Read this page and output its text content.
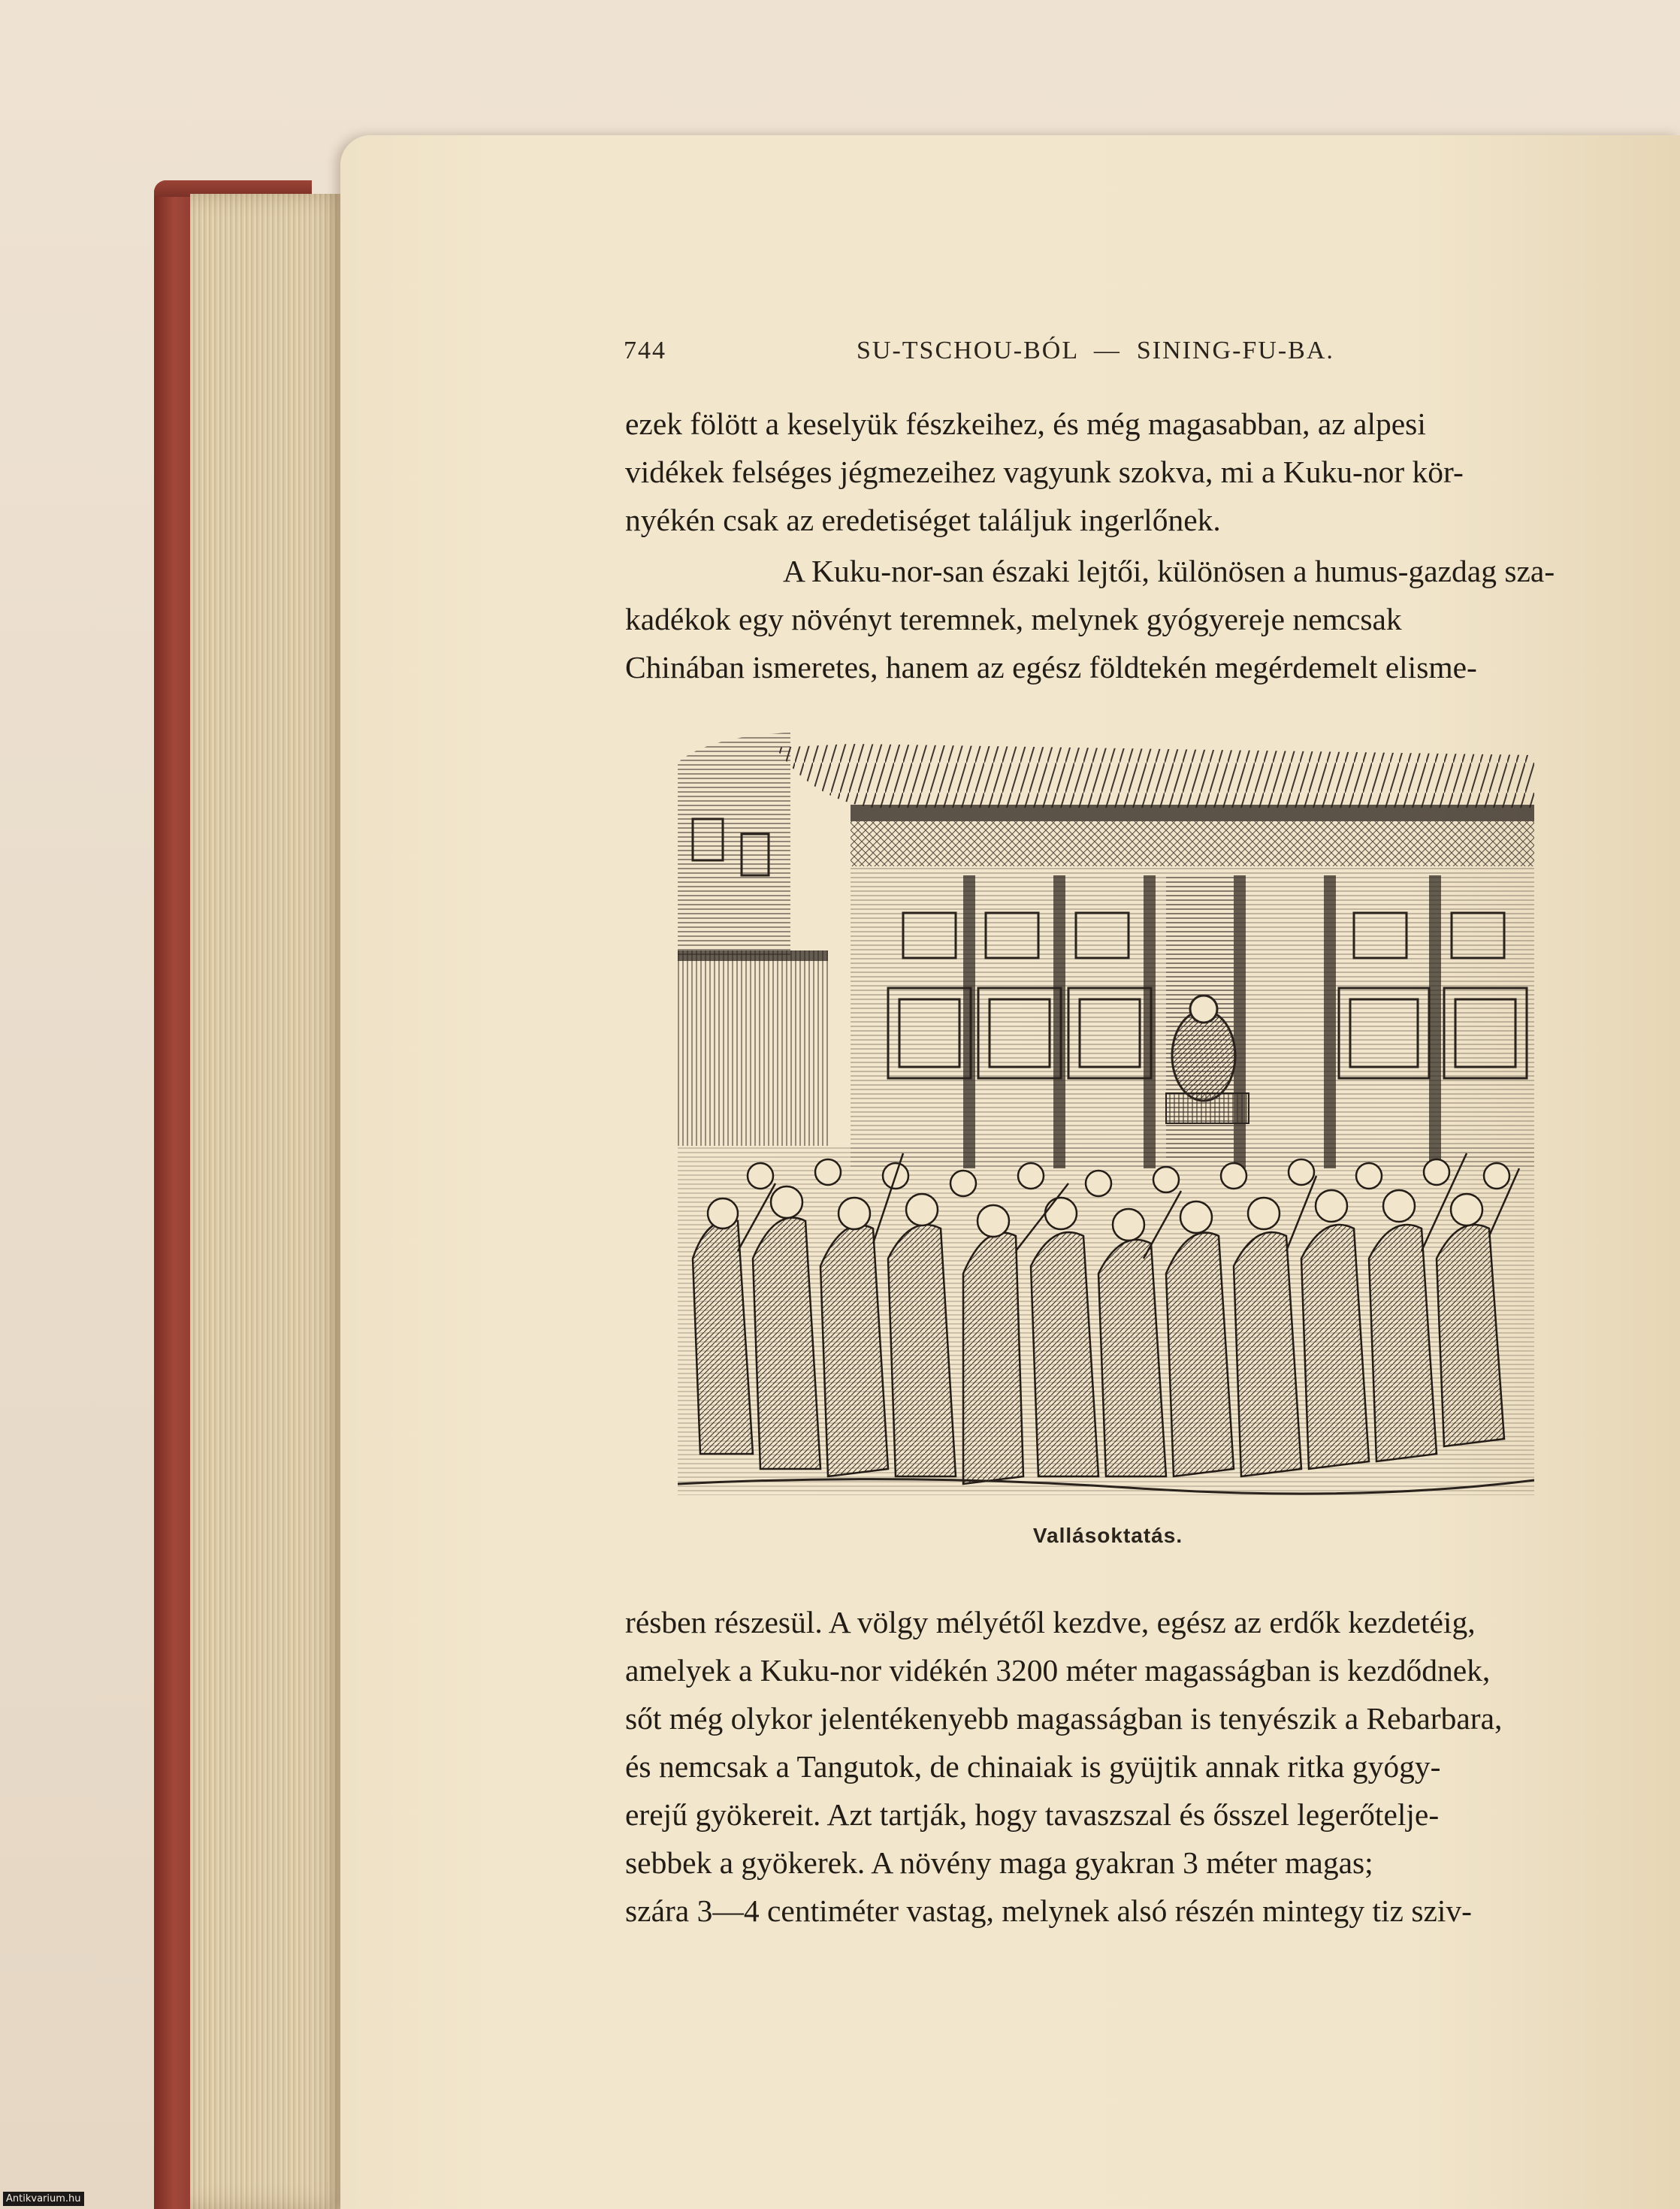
744	SU-TSCHOU-BÓL  —  SINING-FU-BA.
ezek fölött a keselyük fészkeihez, és még magasabban, az alpesi
vidékek felséges jégmezeihez vagyunk szokva, mi a Kuku-nor kör-
nyékén csak az eredetiséget találjuk ingerlőnek.
A Kuku-nor-san északi lejtői, különösen a humus-gazdag sza-
kadékok egy növényt teremnek, melynek gyógyereje nemcsak
Chinában ismeretes, hanem az egész földtekén megérdemelt elisme-
Vallásoktatás.
résben részesül. A völgy mélyétől kezdve, egész az erdők kezdetéig,
amelyek a Kuku-nor vidékén 3200 méter magasságban is kezdődnek,
sőt még olykor jelentékenyebb magasságban is tenyészik a Rebarbara,
és nemcsak a Tangutok, de chinaiak is gyüjtik annak ritka gyógy-
erejű gyökereit. Azt tartják, hogy tavaszszal és ősszel legerőtelje-
sebbek a gyökerek. A növény maga gyakran 3 méter magas;
szára 3—4 centiméter vastag, melynek alsó részén mintegy tiz sziv-
Antikvarium.hu
